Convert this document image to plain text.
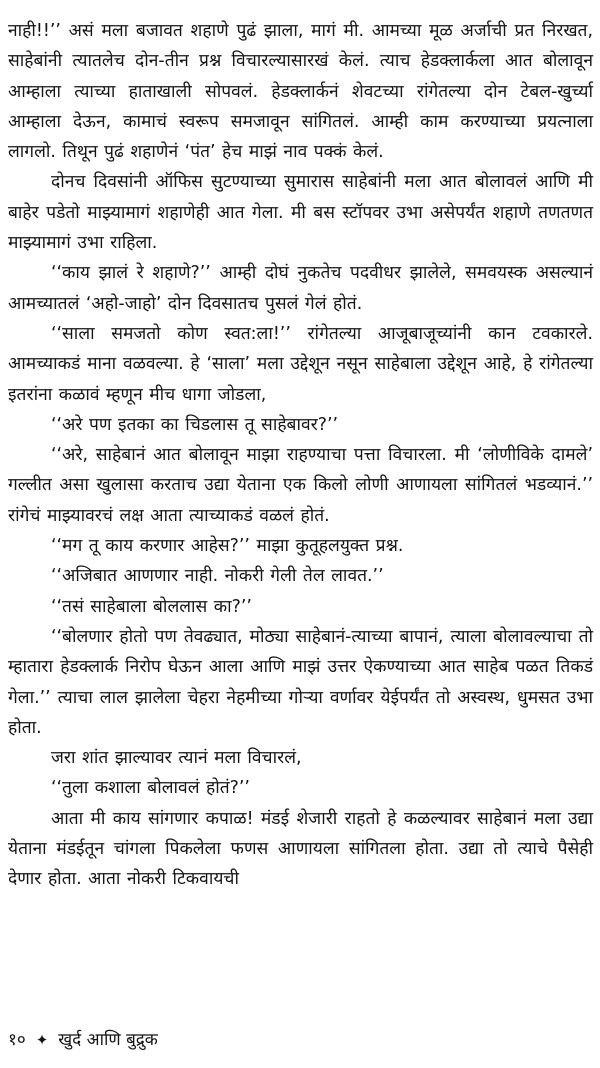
नाही!!’’ असं मला बजावत शहाणे पुढं झाला, मागं मी. आमच्या मूळ अर्जाची प्रत निरखत, साहेबांनी त्यातलेच दोन-तीन प्रश्न विचारल्यासारखं केलं. त्याच हेडक्लार्कला आत बोलावून आम्हाला त्याच्या हाताखाली सोपवलं. हेडक्लार्कनं शेवटच्या रांगेतल्या दोन टेबल-खुर्च्या आम्हाला देऊन, कामाचं स्वरूप समजावून सांगितलं. आम्ही काम करण्याच्या प्रयत्नाला लागलो. तिथून पुढं शहाणेनं ‘पंत’ हेच माझं नाव पक्कं केलं.

दोनच दिवसांनी ऑफिस सुटण्याच्या सुमारास साहेबांनी मला आत बोलावलं आणि मी बाहेर पडेतो माझ्यामागं शहाणेही आत गेला. मी बस स्टॉपवर उभा असेपर्यंत शहाणे तणतणत माझ्यामागं उभा राहिला.

‘‘काय झालं रे शहाणे?’’ आम्ही दोघं नुकतेच पदवीधर झालेले, समवयस्क असल्यानं आमच्यातलं ‘अहो-जाहो’ दोन दिवसातच पुसलं गेलं होतं.

‘‘साला समजतो कोण स्वत:ला!’’ रांगेतल्या आजूबाजूच्यांनी कान टवकारले. आमच्याकडं माना वळवल्या. हे ‘साला’ मला उद्देशून नसून साहेबाला उद्देशून आहे, हे रांगेतल्या इतरांना कळावं म्हणून मीच धागा जोडला,

‘‘अरे पण इतका का चिडलास तू साहेबावर?’’

‘‘अरे, साहेबानं आत बोलावून माझा राहण्याचा पत्ता विचारला. मी ‘लोणीविके दामले’ गल्लीत असा खुलासा करताच उद्या येताना एक किलो लोणी आणायला सांगितलं भडव्यानं.’’ रांगेचं माझ्यावरचं लक्ष आता त्याच्याकडं वळलं होतं.

‘‘मग तू काय करणार आहेस?’’ माझा कुतूहलयुक्त प्रश्न.

‘‘अजिबात आणणार नाही. नोकरी गेली तेल लावत.’’

‘‘तसं साहेबाला बोललास का?’’

‘‘बोलणार होतो पण तेवढ्यात, मोठ्या साहेबानं-त्याच्या बापानं, त्याला बोलावल्याचा तो म्हातारा हेडक्लार्क निरोप घेऊन आला आणि माझं उत्तर ऐकण्याच्या आत साहेब पळत तिकडं गेला.’’ त्याचा लाल झालेला चेहरा नेहमीच्या गोऱ्या वर्णावर येईपर्यंत तो अस्वस्थ, धुमसत उभा होता.

जरा शांत झाल्यावर त्यानं मला विचारलं,

‘‘तुला कशाला बोलावलं होतं?’’

आता मी काय सांगणार कपाळ! मंडई शेजारी राहतो हे कळल्यावर साहेबानं मला उद्या येताना मंडईतून चांगला पिकलेला फणस आणायला सांगितला होता. उद्या तो त्याचे पैसेही देणार होता. आता नोकरी टिकवायची

१० ✦ खुर्द आणि बुद्रुक
